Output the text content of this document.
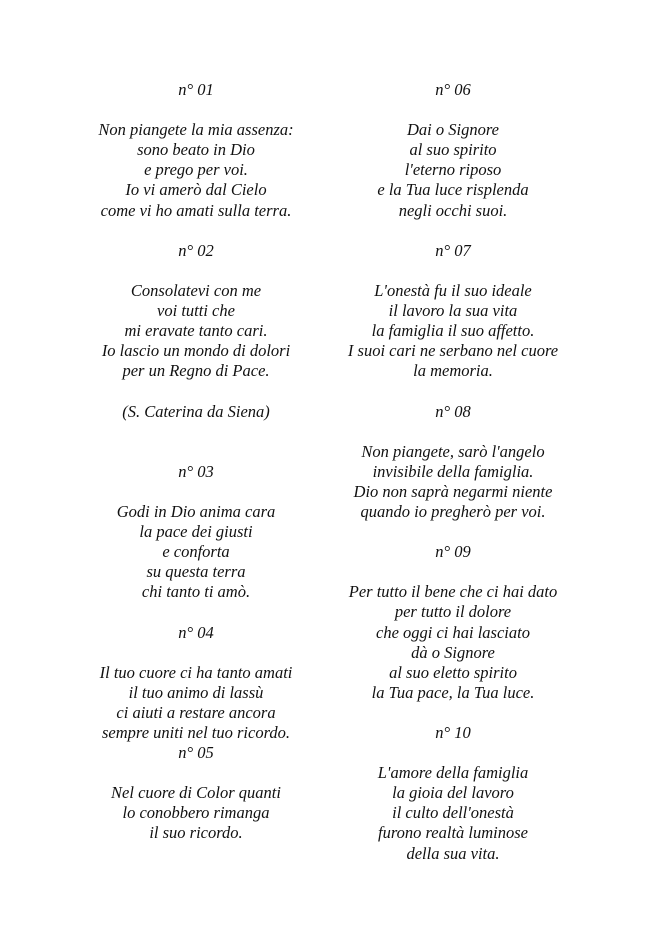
n° 01
Non piangete la mia assenza:
sono beato in Dio
e prego per voi.
Io vi amerò dal Cielo
come vi ho amati sulla terra.
n° 02
Consolatevi con me
voi tutti che
mi eravate tanto cari.
Io lascio un mondo di dolori
per un Regno di Pace.
(S. Caterina da Siena)
n° 03
Godi in Dio anima cara
la pace dei giusti
e conforta
su questa terra
chi tanto ti amò.
n° 04
Il tuo cuore ci ha tanto amati
il tuo animo di lassù
ci aiuti a restare ancora
sempre uniti nel tuo ricordo.
n° 05
Nel cuore di Color quanti
lo conobbero rimanga
il suo ricordo.
n° 06
Dai o Signore
al suo spirito
l'eterno riposo
e la Tua luce risplenda
negli occhi suoi.
n° 07
L'onestà fu il suo ideale
il lavoro la sua vita
la famiglia il suo affetto.
I suoi cari ne serbano nel cuore
la memoria.
n° 08
Non piangete, sarò l'angelo
invisibile della famiglia.
Dio non saprà negarmi niente
quando io pregherò per voi.
n° 09
Per tutto il bene che ci hai dato
per tutto il dolore
che oggi ci hai lasciato
dà o Signore
al suo eletto spirito
la Tua pace, la Tua luce.
n° 10
L'amore della famiglia
la gioia del lavoro
il culto dell'onestà
furono realtà luminose
della sua vita.
